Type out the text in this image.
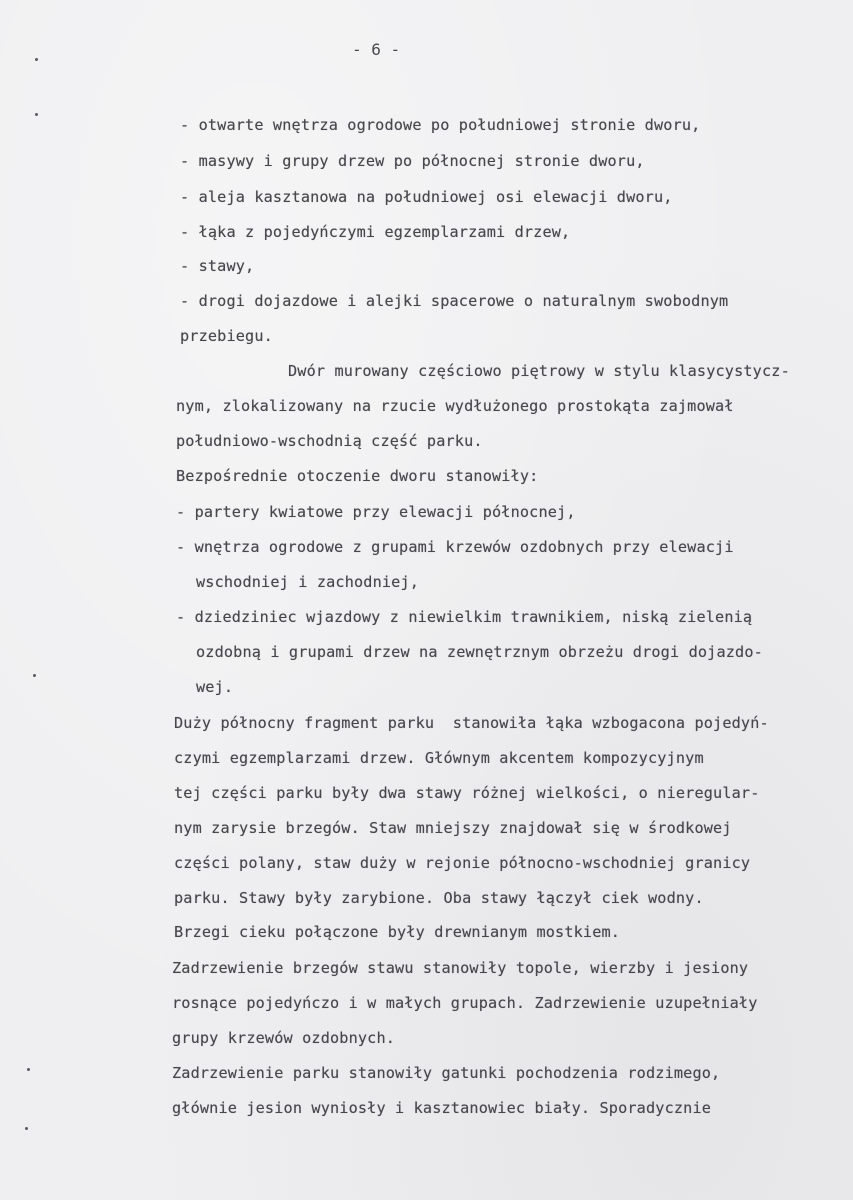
- 6 -
- otwarte wnętrza ogrodowe po południowej stronie dworu,
- masywy i grupy drzew po północnej stronie dworu,
- aleja kasztanowa na południowej osi elewacji dworu,
- łąka z pojedyńczymi egzemplarzami drzew,
- stawy,
- drogi dojazdowe i alejki spacerowe o naturalnym swobodnym
przebiegu.
Dwór murowany częściowo piętrowy w stylu klasycystycz-
nym, zlokalizowany na rzucie wydłużonego prostokąta zajmował
południowo-wschodnią część parku.
Bezpośrednie otoczenie dworu stanowiły:
- partery kwiatowe przy elewacji północnej,
- wnętrza ogrodowe z grupami krzewów ozdobnych przy elewacji
wschodniej i zachodniej,
- dziedziniec wjazdowy z niewielkim trawnikiem, niską zielenią
ozdobną i grupami drzew na zewnętrznym obrzeżu drogi dojazdo-
wej.
Duży północny fragment parku  stanowiła łąka wzbogacona pojedyń-
czymi egzemplarzami drzew. Głównym akcentem kompozycyjnym
tej części parku były dwa stawy różnej wielkości, o nieregular-
nym zarysie brzegów. Staw mniejszy znajdował się w środkowej
części polany, staw duży w rejonie północno-wschodniej granicy
parku. Stawy były zarybione. Oba stawy łączył ciek wodny.
Brzegi cieku połączone były drewnianym mostkiem.
Zadrzewienie brzegów stawu stanowiły topole, wierzby i jesiony
rosnące pojedyńczo i w małych grupach. Zadrzewienie uzupełniały
grupy krzewów ozdobnych.
Zadrzewienie parku stanowiły gatunki pochodzenia rodzimego,
głównie jesion wyniosły i kasztanowiec biały. Sporadycznie
